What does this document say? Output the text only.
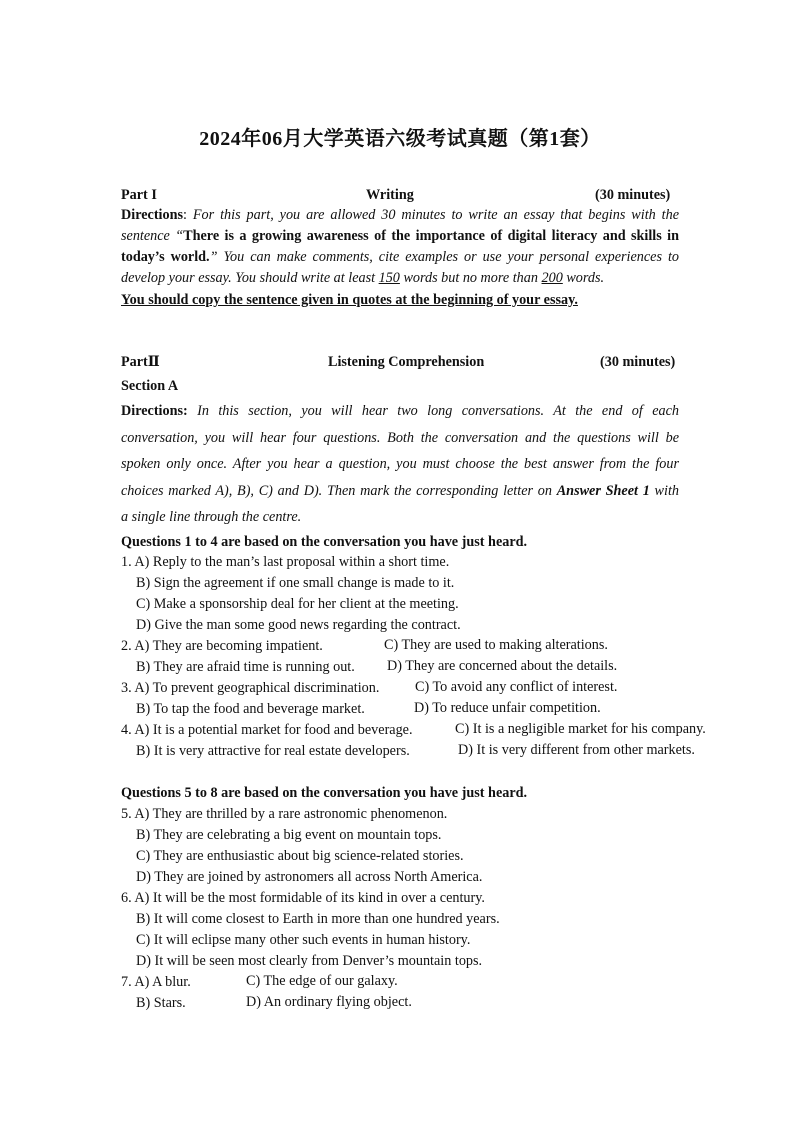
2024年06月大学英语六级考试真题（第1套）
Part I	Writing	(30 minutes)
Directions: For this part, you are allowed 30 minutes to write an essay that begins with the
sentence “There is a growing awareness of the importance of digital literacy and skills in
today’s world.” You can make comments, cite examples or use your personal experiences to
develop your essay. You should write at least 150 words but no more than 200 words.
You should copy the sentence given in quotes at the beginning of your essay.
PartⅡ	Listening Comprehension	(30 minutes)
Section A
Directions: In this section, you will hear two long conversations. At the end of each
conversation, you will hear four questions. Both the conversation and the questions will be
spoken only once. After you hear a question, you must choose the best answer from the four
choices marked A), B), C) and D). Then mark the corresponding letter on Answer Sheet 1 with
a single line through the centre.
Questions 1 to 4 are based on the conversation you have just heard.
1. A) Reply to the man’s last proposal within a short time.
B) Sign the agreement if one small change is made to it.
C) Make a sponsorship deal for her client at the meeting.
D) Give the man some good news regarding the contract.
2. A) They are becoming impatient.	C) They are used to making alterations.
B) They are afraid time is running out. D) They are concerned about the details.
3. A) To prevent geographical discrimination.	C) To avoid any conflict of interest.
B) To tap the food and beverage market.	D) To reduce unfair competition.
4. A) It is a potential market for food and beverage.	C) It is a negligible market for his company.
B) It is very attractive for real estate developers.	D) It is very different from other markets.
Questions 5 to 8 are based on the conversation you have just heard.
5. A) They are thrilled by a rare astronomic phenomenon.
B) They are celebrating a big event on mountain tops.
C) They are enthusiastic about big science-related stories.
D) They are joined by astronomers all across North America.
6. A) It will be the most formidable of its kind in over a century.
B) It will come closest to Earth in more than one hundred years.
C) It will eclipse many other such events in human history.
D) It will be seen most clearly from Denver’s mountain tops.
7. A) A blur.	C) The edge of our galaxy.
B) Stars.	D) An ordinary flying object.
